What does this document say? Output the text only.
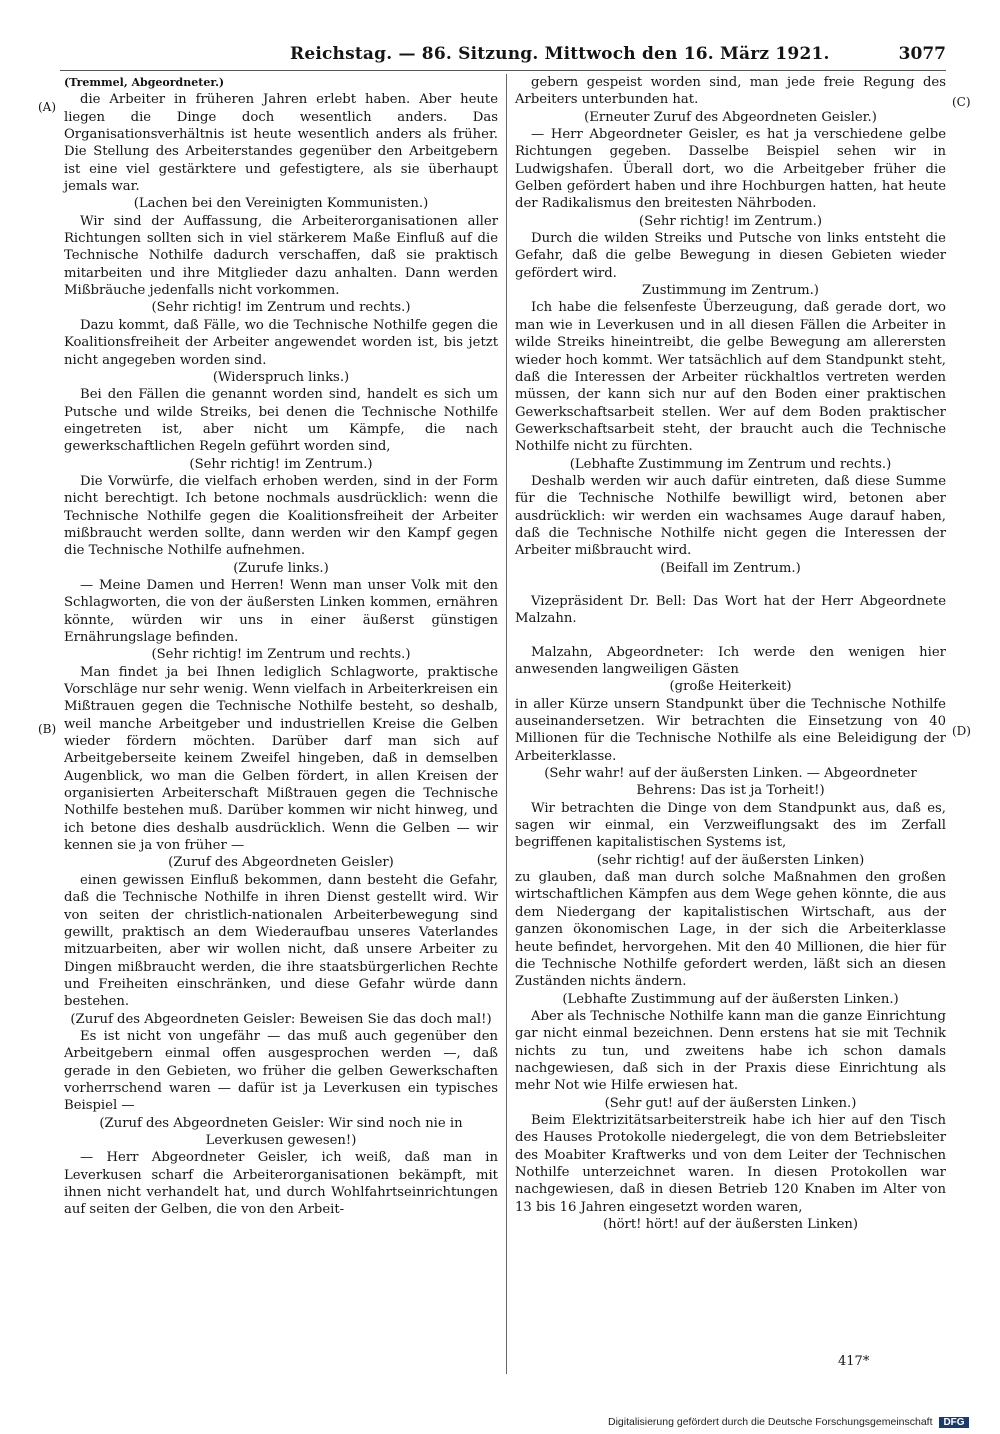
Reichstag. — 86. Sitzung. Mittwoch den 16. März 1921.	3077
(A)
(B)
(C)
(D)

(Tremmel, Abgeordneter.)

die Arbeiter in früheren Jahren erlebt haben. Aber heute liegen die Dinge doch wesentlich anders. Das Organisationsverhältnis ist heute wesentlich anders als früher. Die Stellung des Arbeiterstandes gegenüber den Arbeitgebern ist eine viel gestärktere und gefestigtere, als sie überhaupt jemals war.

(Lachen bei den Vereinigten Kommunisten.)

Wir sind der Auffassung, die Arbeiterorganisationen aller Richtungen sollten sich in viel stärkerem Maße Einfluß auf die Technische Nothilfe dadurch verschaffen, daß sie praktisch mitarbeiten und ihre Mitglieder dazu anhalten. Dann werden Mißbräuche jedenfalls nicht vorkommen.

(Sehr richtig! im Zentrum und rechts.)

Dazu kommt, daß Fälle, wo die Technische Nothilfe gegen die Koalitionsfreiheit der Arbeiter angewendet worden ist, bis jetzt nicht angegeben worden sind.

(Widerspruch links.)

Bei den Fällen die genannt worden sind, handelt es sich um Putsche und wilde Streiks, bei denen die Technische Nothilfe eingetreten ist, aber nicht um Kämpfe, die nach gewerkschaftlichen Regeln geführt worden sind,

(Sehr richtig! im Zentrum.)

Die Vorwürfe, die vielfach erhoben werden, sind in der Form nicht berechtigt. Ich betone nochmals ausdrücklich: wenn die Technische Nothilfe gegen die Koalitionsfreiheit der Arbeiter mißbraucht werden sollte, dann werden wir den Kampf gegen die Technische Nothilfe aufnehmen.

(Zurufe links.)

— Meine Damen und Herren! Wenn man unser Volk mit den Schlagworten, die von der äußersten Linken kommen, ernähren könnte, würden wir uns in einer äußerst günstigen Ernährungslage befinden.

(Sehr richtig! im Zentrum und rechts.)

Man findet ja bei Ihnen lediglich Schlagworte, praktische Vorschläge nur sehr wenig. Wenn vielfach in Arbeiterkreisen ein Mißtrauen gegen die Technische Nothilfe besteht, so deshalb, weil manche Arbeitgeber und industriellen Kreise die Gelben wieder fördern möchten. Darüber darf man sich auf Arbeitgeberseite keinem Zweifel hingeben, daß in demselben Augenblick, wo man die Gelben fördert, in allen Kreisen der organisierten Arbeiterschaft Mißtrauen gegen die Technische Nothilfe bestehen muß. Darüber kommen wir nicht hinweg, und ich betone dies deshalb ausdrücklich. Wenn die Gelben — wir kennen sie ja von früher —

(Zuruf des Abgeordneten Geisler)

einen gewissen Einfluß bekommen, dann besteht die Gefahr, daß die Technische Nothilfe in ihren Dienst gestellt wird. Wir von seiten der christlich-nationalen Arbeiterbewegung sind gewillt, praktisch an dem Wiederaufbau unseres Vaterlandes mitzuarbeiten, aber wir wollen nicht, daß unsere Arbeiter zu Dingen mißbraucht werden, die ihre staatsbürgerlichen Rechte und Freiheiten einschränken, und diese Gefahr würde dann bestehen.

(Zuruf des Abgeordneten Geisler: Beweisen Sie das doch mal!)

Es ist nicht von ungefähr — das muß auch gegenüber den Arbeitgebern einmal offen ausgesprochen werden —, daß gerade in den Gebieten, wo früher die gelben Gewerkschaften vorherrschend waren — dafür ist ja Leverkusen ein typisches Beispiel —

(Zuruf des Abgeordneten Geisler: Wir sind noch nie in Leverkusen gewesen!)

— Herr Abgeordneter Geisler, ich weiß, daß man in Leverkusen scharf die Arbeiterorganisationen bekämpft, mit ihnen nicht verhandelt hat, und durch Wohlfahrtseinrichtungen auf seiten der Gelben, die von den Arbeit-

gebern gespeist worden sind, man jede freie Regung des Arbeiters unterbunden hat.

(Erneuter Zuruf des Abgeordneten Geisler.)

— Herr Abgeordneter Geisler, es hat ja verschiedene gelbe Richtungen gegeben. Dasselbe Beispiel sehen wir in Ludwigshafen. Überall dort, wo die Arbeitgeber früher die Gelben gefördert haben und ihre Hochburgen hatten, hat heute der Radikalismus den breitesten Nährboden.

(Sehr richtig! im Zentrum.)

Durch die wilden Streiks und Putsche von links entsteht die Gefahr, daß die gelbe Bewegung in diesen Gebieten wieder gefördert wird.

Zustimmung im Zentrum.)

Ich habe die felsenfeste Überzeugung, daß gerade dort, wo man wie in Leverkusen und in all diesen Fällen die Arbeiter in wilde Streiks hineintreibt, die gelbe Bewegung am allerersten wieder hoch kommt. Wer tatsächlich auf dem Standpunkt steht, daß die Interessen der Arbeiter rückhaltlos vertreten werden müssen, der kann sich nur auf den Boden einer praktischen Gewerkschaftsarbeit stellen. Wer auf dem Boden praktischer Gewerkschaftsarbeit steht, der braucht auch die Technische Nothilfe nicht zu fürchten.

(Lebhafte Zustimmung im Zentrum und rechts.)

Deshalb werden wir auch dafür eintreten, daß diese Summe für die Technische Nothilfe bewilligt wird, betonen aber ausdrücklich: wir werden ein wachsames Auge darauf haben, daß die Technische Nothilfe nicht gegen die Interessen der Arbeiter mißbraucht wird.

(Beifall im Zentrum.)

Vizepräsident Dr. Bell: Das Wort hat der Herr Abgeordnete Malzahn.

Malzahn, Abgeordneter: Ich werde den wenigen hier anwesenden langweiligen Gästen

(große Heiterkeit)

in aller Kürze unsern Standpunkt über die Technische Nothilfe auseinandersetzen. Wir betrachten die Einsetzung von 40 Millionen für die Technische Nothilfe als eine Beleidigung der Arbeiterklasse.

(Sehr wahr! auf der äußersten Linken. — Abgeordneter Behrens: Das ist ja Torheit!)

Wir betrachten die Dinge von dem Standpunkt aus, daß es, sagen wir einmal, ein Verzweiflungsakt des im Zerfall begriffenen kapitalistischen Systems ist,

(sehr richtig! auf der äußersten Linken)

zu glauben, daß man durch solche Maßnahmen den großen wirtschaftlichen Kämpfen aus dem Wege gehen könnte, die aus dem Niedergang der kapitalistischen Wirtschaft, aus der ganzen ökonomischen Lage, in der sich die Arbeiterklasse heute befindet, hervorgehen. Mit den 40 Millionen, die hier für die Technische Nothilfe gefordert werden, läßt sich an diesen Zuständen nichts ändern.

(Lebhafte Zustimmung auf der äußersten Linken.)

Aber als Technische Nothilfe kann man die ganze Einrichtung gar nicht einmal bezeichnen. Denn erstens hat sie mit Technik nichts zu tun, und zweitens habe ich schon damals nachgewiesen, daß sich in der Praxis diese Einrichtung als mehr Not wie Hilfe erwiesen hat.

(Sehr gut! auf der äußersten Linken.)

Beim Elektrizitätsarbeiterstreik habe ich hier auf den Tisch des Hauses Protokolle niedergelegt, die von dem Betriebsleiter des Moabiter Kraftwerks und von dem Leiter der Technischen Nothilfe unterzeichnet waren. In diesen Protokollen war nachgewiesen, daß in diesen Betrieb 120 Knaben im Alter von 13 bis 16 Jahren eingesetzt worden waren,

(hört! hört! auf der äußersten Linken)

417*
Digitalisierung gefördert durch die Deutsche Forschungsgemeinschaft DFG
